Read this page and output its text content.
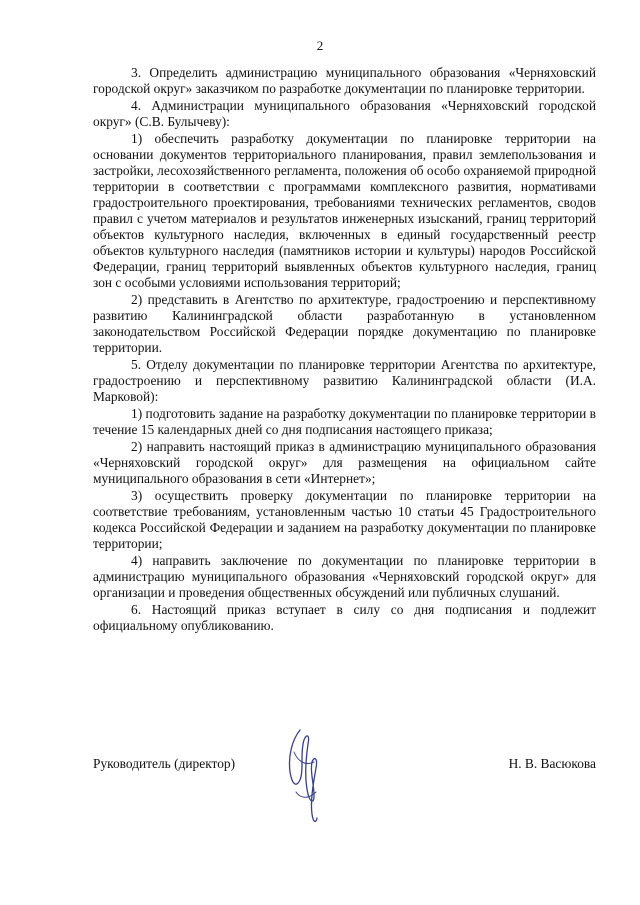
2

3. Определить администрацию муниципального образования «Черняховский городской округ» заказчиком по разработке документации по планировке территории.

4. Администрации муниципального образования «Черняховский городской округ» (С.В. Булычеву):

1) обеспечить разработку документации по планировке территории на основании документов территориального планирования, правил землепользования и застройки, лесохозяйственного регламента, положения об особо охраняемой природной территории в соответствии с программами комплексного развития, нормативами градостроительного проектирования, требованиями технических регламентов, сводов правил с учетом материалов и результатов инженерных изысканий, границ территорий объектов культурного наследия, включенных в единый государственный реестр объектов культурного наследия (памятников истории и культуры) народов Российской Федерации, границ территорий выявленных объектов культурного наследия, границ зон с особыми условиями использования территорий;

2) представить в Агентство по архитектуре, градостроению и перспективному развитию Калининградской области разработанную в установленном законодательством Российской Федерации порядке документацию по планировке территории.

5. Отделу документации по планировке территории Агентства по архитектуре, градостроению и перспективному развитию Калининградской области (И.А. Марковой):

1) подготовить задание на разработку документации по планировке территории в течение 15 календарных дней со дня подписания настоящего приказа;

2) направить настоящий приказ в администрацию муниципального образования «Черняховский городской округ» для размещения на официальном сайте муниципального образования в сети «Интернет»;

3) осуществить проверку документации по планировке территории на соответствие требованиям, установленным частью 10 статьи 45 Градостроительного кодекса Российской Федерации и заданием на разработку документации по планировке территории;

4) направить заключение по документации по планировке территории в администрацию муниципального образования «Черняховский городской округ» для организации и проведения общественных обсуждений или публичных слушаний.

6. Настоящий приказ вступает в силу со дня подписания и подлежит официальному опубликованию.

Руководитель (директор)	Н. В. Васюкова
